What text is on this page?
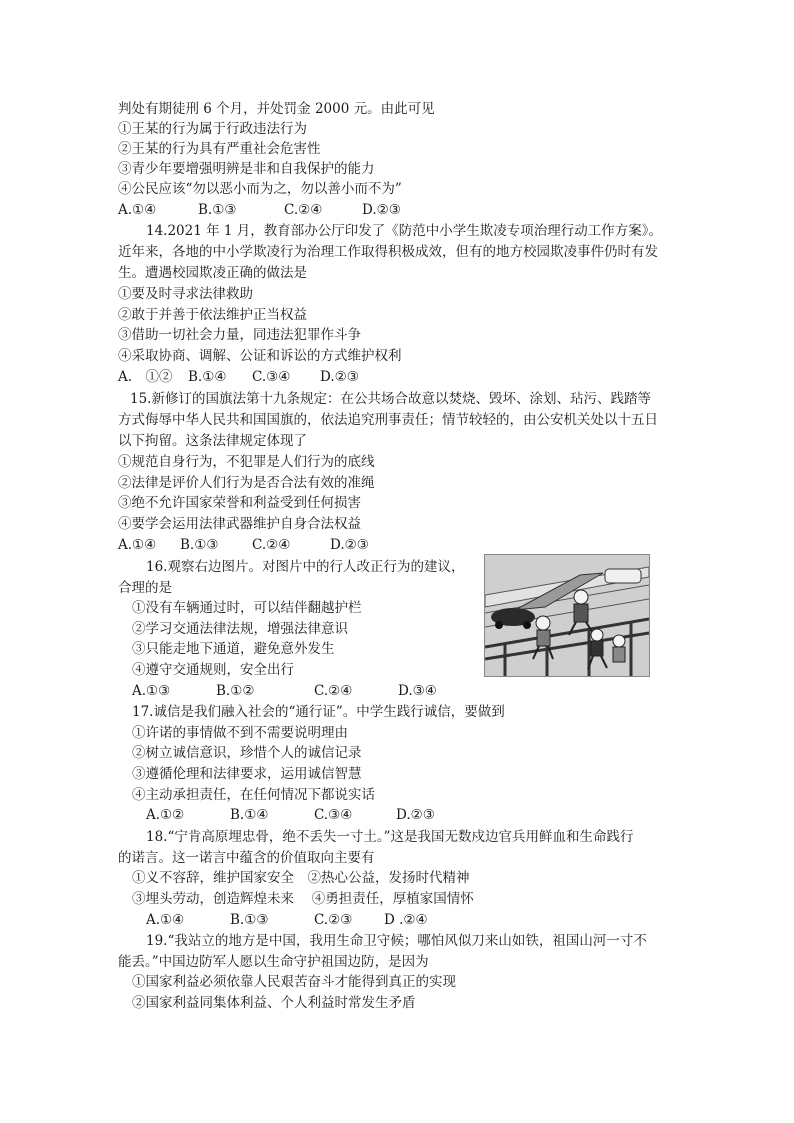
判处有期徒刑 6 个月，并处罚金 2000 元。由此可见
①王某的行为属于行政违法行为
②王某的行为具有严重社会危害性
③青少年要增强明辨是非和自我保护的能力
④公民应该“勿以恶小而为之，勿以善小而不为”
A.①④	B.①③	C.②④	D.②③
14.2021 年 1 月，教育部办公厅印发了《防范中小学生欺凌专项治理行动工作方案》。
近年来，各地的中小学欺凌行为治理工作取得积极成效，但有的地方校园欺凌事件仍时有发
生。遭遇校园欺凌正确的做法是
①要及时寻求法律救助
②敢于并善于依法维护正当权益
③借助一切社会力量，同违法犯罪作斗争
④采取协商、调解、公证和诉讼的方式维护权利
A.　①② B.①④ C.③④ D.②③
15.新修订的国旗法第十九条规定：在公共场合故意以焚烧、毁坏、涂划、玷污、践踏等
方式侮辱中华人民共和国国旗的，依法追究刑事责任；情节较轻的，由公安机关处以十五日
以下拘留。这条法律规定体现了
①规范自身行为，不犯罪是人们行为的底线
②法律是评价人们行为是否合法有效的准绳
③绝不允许国家荣誉和利益受到任何损害
④要学会运用法律武器维护自身合法权益
A.①④ B.①③ C.②④	D.②③
16.观察右边图片。对图片中的行人改正行为的建议，
合理的是
①没有车辆通过时，可以结伴翻越护栏
②学习交通法律法规，增强法律意识
③只能走地下通道，避免意外发生
④遵守交通规则，安全出行
A.①③	B.①②	C.②④	D.③④
17.诚信是我们融入社会的“通行证”。中学生践行诚信，要做到
①许诺的事情做不到不需要说明理由
②树立诚信意识，珍惜个人的诚信记录
③遵循伦理和法律要求，运用诚信智慧
④主动承担责任，在任何情况下都说实话
A.①②	B.①④	C.③④	D.②③
18.“宁肯高原埋忠骨，绝不丢失一寸土。”这是我国无数戍边官兵用鲜血和生命践行
的诺言。这一诺言中蕴含的价值取向主要有
①义不容辞，维护国家安全　②热心公益，发扬时代精神
③埋头劳动，创造辉煌未来　 ④勇担责任，厚植家国情怀
A.①④	B.①③	C.②③ D .②④
19.“我站立的地方是中国，我用生命卫守候；哪怕风似刀来山如铁，祖国山河一寸不
能丢。”中国边防军人愿以生命守护祖国边防，是因为
①国家利益必须依靠人民艰苦奋斗才能得到真正的实现
②国家利益同集体利益、个人利益时常发生矛盾
